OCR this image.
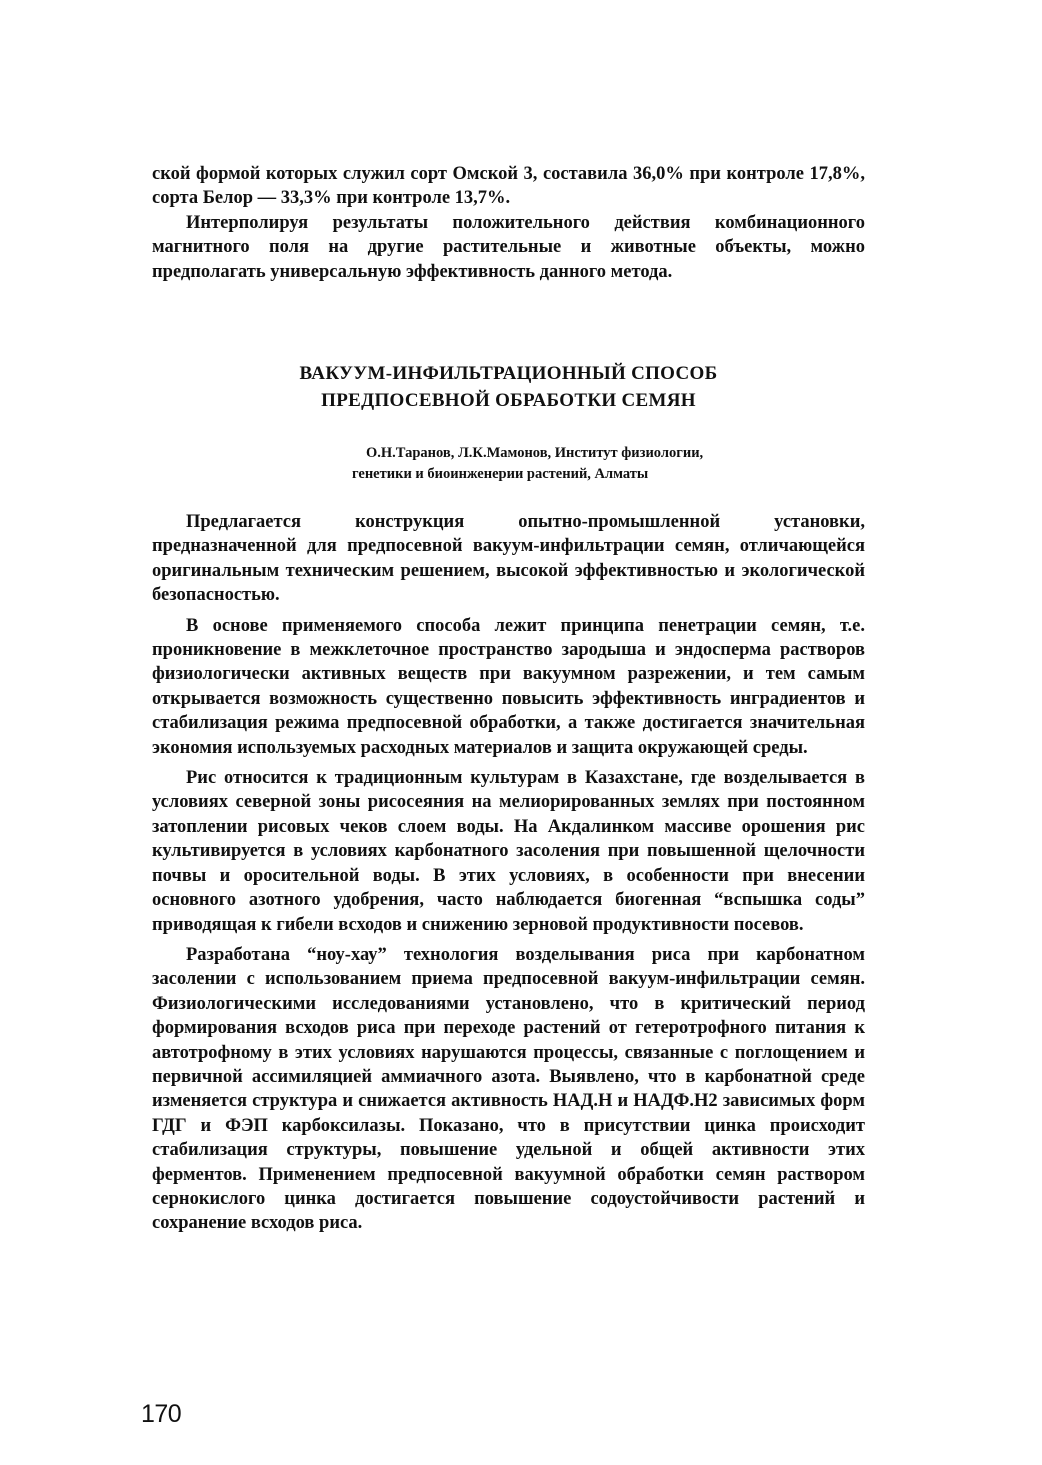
ской формой которых служил сорт Омской 3, составила 36,0% при контроле 17,8%, сорта Белор — 33,3% при контроле 13,7%.

Интерполируя результаты положительного действия комбинационного магнитного поля на другие растительные и животные объекты, можно предполагать универсальную эффективность данного метода.

ВАКУУМ-ИНФИЛЬТРАЦИОННЫЙ СПОСОБ
ПРЕДПОСЕВНОЙ ОБРАБОТКИ СЕМЯН
О.Н.Таранов, Л.К.Мамонов, Институт физиологии,
генетики и биоинженерии растений, Алматы

Предлагается конструкция опытно-промышленной установки, предназначенной для предпосевной вакуум-инфильтрации семян, отличающейся оригинальным техническим решением, высокой эффективностью и экологической безопасностью.

В основе применяемого способа лежит принципа пенетрации семян, т.е. проникновение в межклеточное пространство зародыша и эндосперма растворов физиологически активных веществ при вакуумном разрежении, и тем самым открывается возможность существенно повысить эффективность инградиентов и стабилизация режима предпосевной обработки, а также достигается значительная экономия используемых расходных материалов и защита окружающей среды.

Рис относится к традиционным культурам в Казахстане, где возделывается в условиях северной зоны рисосеяния на мелиорированных землях при постоянном затоплении рисовых чеков слоем воды. На Акдалинком массиве орошения рис культивируется в условиях карбонатного засоления при повышенной щелочности почвы и оросительной воды. В этих условиях, в особенности при внесении основного азотного удобрения, часто наблюдается биогенная “вспышка соды” приводящая к гибели всходов и снижению зерновой продуктивности посевов.

Разработана “ноу-хау” технология возделывания риса при карбонатном засолении с использованием приема предпосевной вакуум-инфильтрации семян. Физиологическими исследованиями установлено, что в критический период формирования всходов риса при переходе растений от гетеротрофного питания к автотрофному в этих условиях нарушаются процессы, связанные с поглощением и первичной ассимиляцией аммиачного азота. Выявлено, что в карбонатной среде изменяется структура и снижается активность НАД.Н и НАДФ.Н2 зависимых форм ГДГ и ФЭП карбоксилазы. Показано, что в присутствии цинка происходит стабилизация структуры, повышение удельной и общей активности этих ферментов. Применением предпосевной вакуумной обработки семян раствором сернокислого цинка достигается повышение содоустойчивости растений и сохранение всходов риса.

170
